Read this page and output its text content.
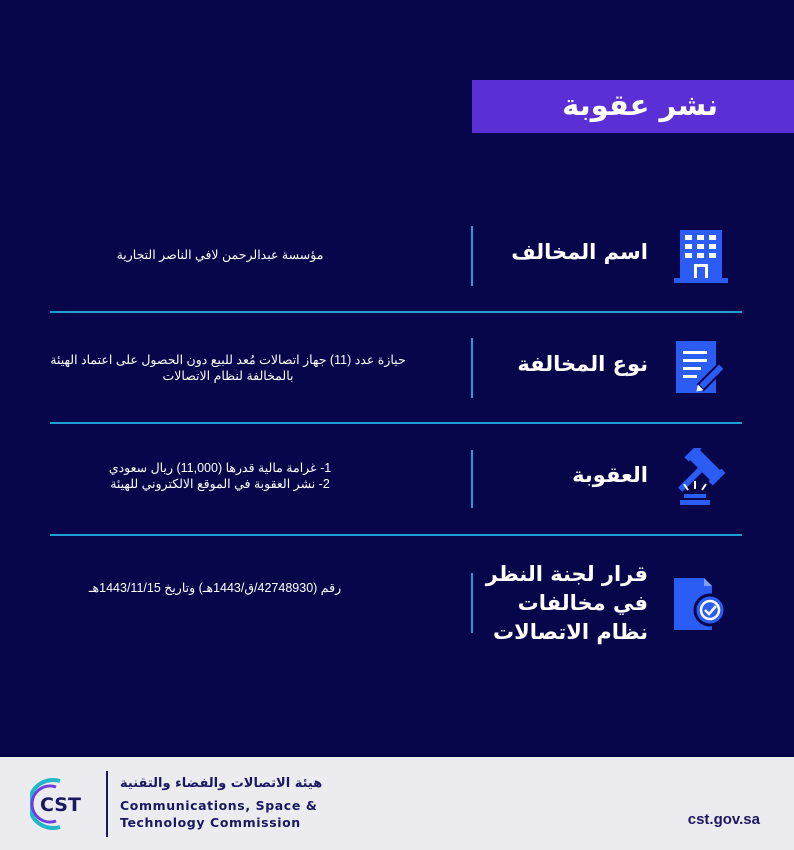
نشر عقوبة
اسم المخالف
مؤسسة عبدالرحمن لافي الناصر التجارية
نوع المخالفة
حيازة عدد (11) جهاز اتصالات مُعد للبيع دون الحصول على اعتماد الهيئة
بالمخالفة لنظام الاتصالات
العقوبة
1- غرامة مالية قدرها (11,000) ريال سعودي
2- نشر العقوبة في الموقع الالكتروني للهيئة
قرار لجنة النظر
في مخالفات
نظام الاتصالات
رقم (42748930/ق/1443هـ) وتاريخ 1443/11/15هـ
CST
هيئة الاتصالات والفضاء والتقنية
Communications, Space &
Technology Commission	cst.gov.sa
